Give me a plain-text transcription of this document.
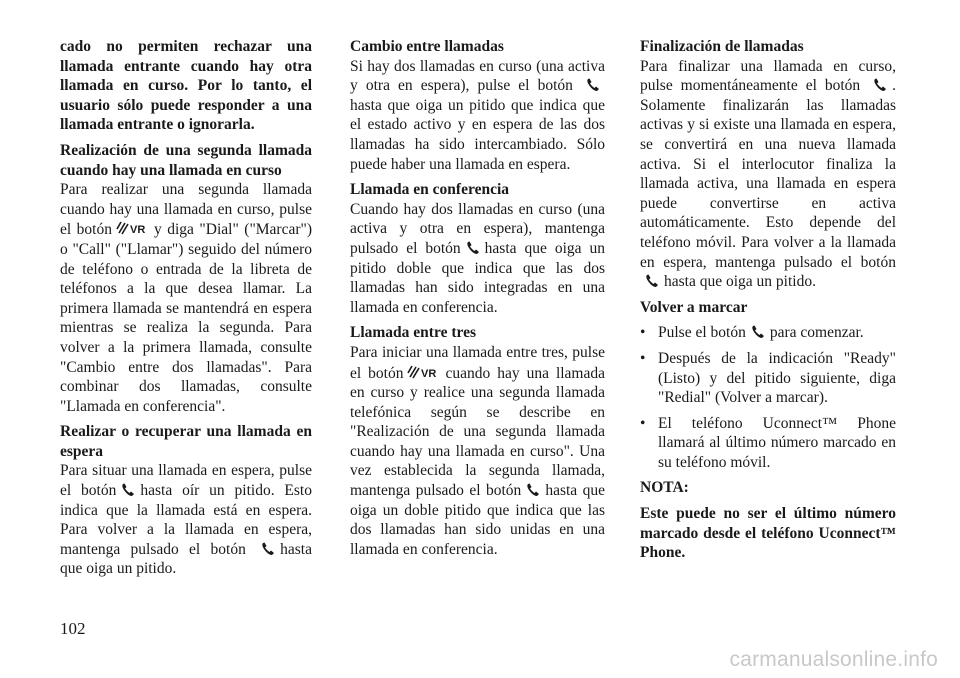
cado no permiten rechazar una llamada entrante cuando hay otra llamada en curso. Por lo tanto, el usuario sólo puede responder a una llamada entrante o ignorarla.

Realización de una segunda llamada cuando hay una llamada en curso

Para realizar una segunda llamada cuando hay una llamada en curso, pulse el botón VR y diga "Dial" ("Marcar") o "Call" ("Llamar") seguido del número de teléfono o entrada de la libreta de teléfonos a la que desea llamar. La primera llamada se mantendrá en espera mientras se realiza la segunda. Para volver a la primera llamada, consulte "Cambio entre dos llamadas". Para combinar dos llamadas, consulte "Llamada en conferencia".

Realizar o recuperar una llamada en espera

Para situar una llamada en espera, pulse el botón hasta oír un pitido. Esto indica que la llamada está en espera. Para volver a la llamada en espera, mantenga pulsado el botón hasta que oiga un pitido.

Cambio entre llamadas

Si hay dos llamadas en curso (una activa y otra en espera), pulse el botón hasta que oiga un pitido que indica que el estado activo y en espera de las dos llamadas ha sido intercambiado. Sólo puede haber una llamada en espera.

Llamada en conferencia

Cuando hay dos llamadas en curso (una activa y otra en espera), mantenga pulsado el botón hasta que oiga un pitido doble que indica que las dos llamadas han sido integradas en una llamada en conferencia.

Llamada entre tres

Para iniciar una llamada entre tres, pulse el botón VR cuando hay una llamada en curso y realice una segunda llamada telefónica según se describe en "Realización de una segunda llamada cuando hay una llamada en curso". Una vez establecida la segunda llamada, mantenga pulsado el botón hasta que oiga un doble pitido que indica que las dos llamadas han sido unidas en una llamada en conferencia.

Finalización de llamadas

Para finalizar una llamada en curso, pulse momentáneamente el botón . Solamente finalizarán las llamadas activas y si existe una llamada en espera, se convertirá en una nueva llamada activa. Si el interlocutor finaliza la llamada activa, una llamada en espera puede convertirse en activa automáticamente. Esto depende del teléfono móvil. Para volver a la llamada en espera, mantenga pulsado el botón hasta que oiga un pitido.

Volver a marcar
• Pulse el botón para comenzar.
• Después de la indicación "Ready" (Listo) y del pitido siguiente, diga "Redial" (Volver a marcar).
• El teléfono Uconnect™ Phone llamará al último número marcado en su teléfono móvil.

NOTA:

Este puede no ser el último número marcado desde el teléfono Uconnect™ Phone.

102
carmanualsonline.info
